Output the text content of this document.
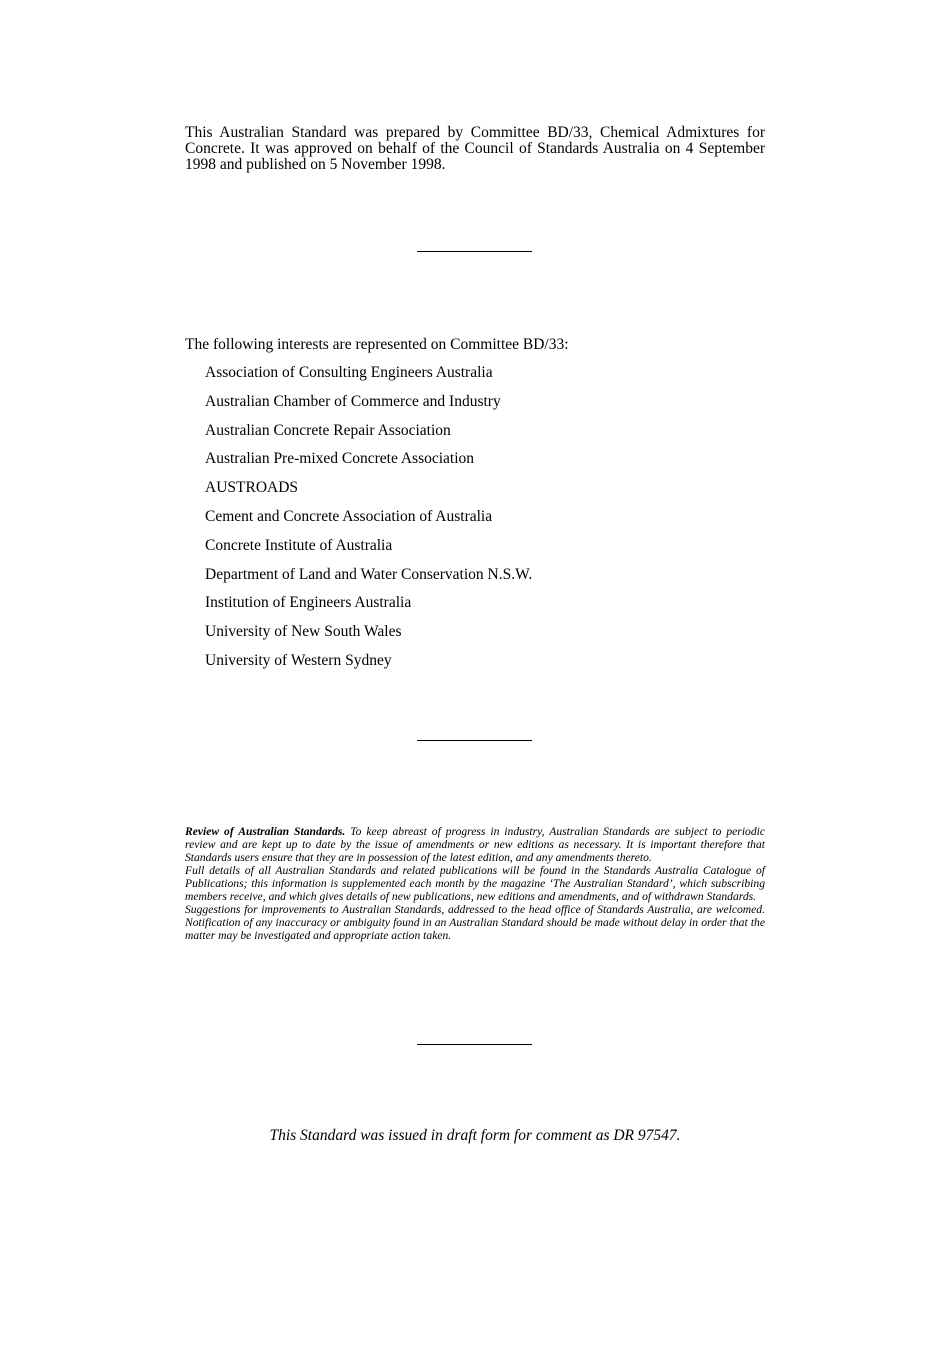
This Australian Standard was prepared by Committee BD/33, Chemical Admixtures for Concrete. It was approved on behalf of the Council of Standards Australia on 4 September 1998 and published on 5 November 1998.

The following interests are represented on Committee BD/33:

Association of Consulting Engineers Australia
Australian Chamber of Commerce and Industry
Australian Concrete Repair Association
Australian Pre-mixed Concrete Association
AUSTROADS
Cement and Concrete Association of Australia
Concrete Institute of Australia
Department of Land and Water Conservation N.S.W.
Institution of Engineers Australia
University of New South Wales
University of Western Sydney

Review of Australian Standards. To keep abreast of progress in industry, Australian Standards are subject to periodic review and are kept up to date by the issue of amendments or new editions as necessary. It is important therefore that Standards users ensure that they are in possession of the latest edition, and any amendments thereto.

Full details of all Australian Standards and related publications will be found in the Standards Australia Catalogue of Publications; this information is supplemented each month by the magazine ‘The Australian Standard’, which subscribing members receive, and which gives details of new publications, new editions and amendments, and of withdrawn Standards.

Suggestions for improvements to Australian Standards, addressed to the head office of Standards Australia, are welcomed. Notification of any inaccuracy or ambiguity found in an Australian Standard should be made without delay in order that the matter may be investigated and appropriate action taken.

This Standard was issued in draft form for comment as DR 97547.
